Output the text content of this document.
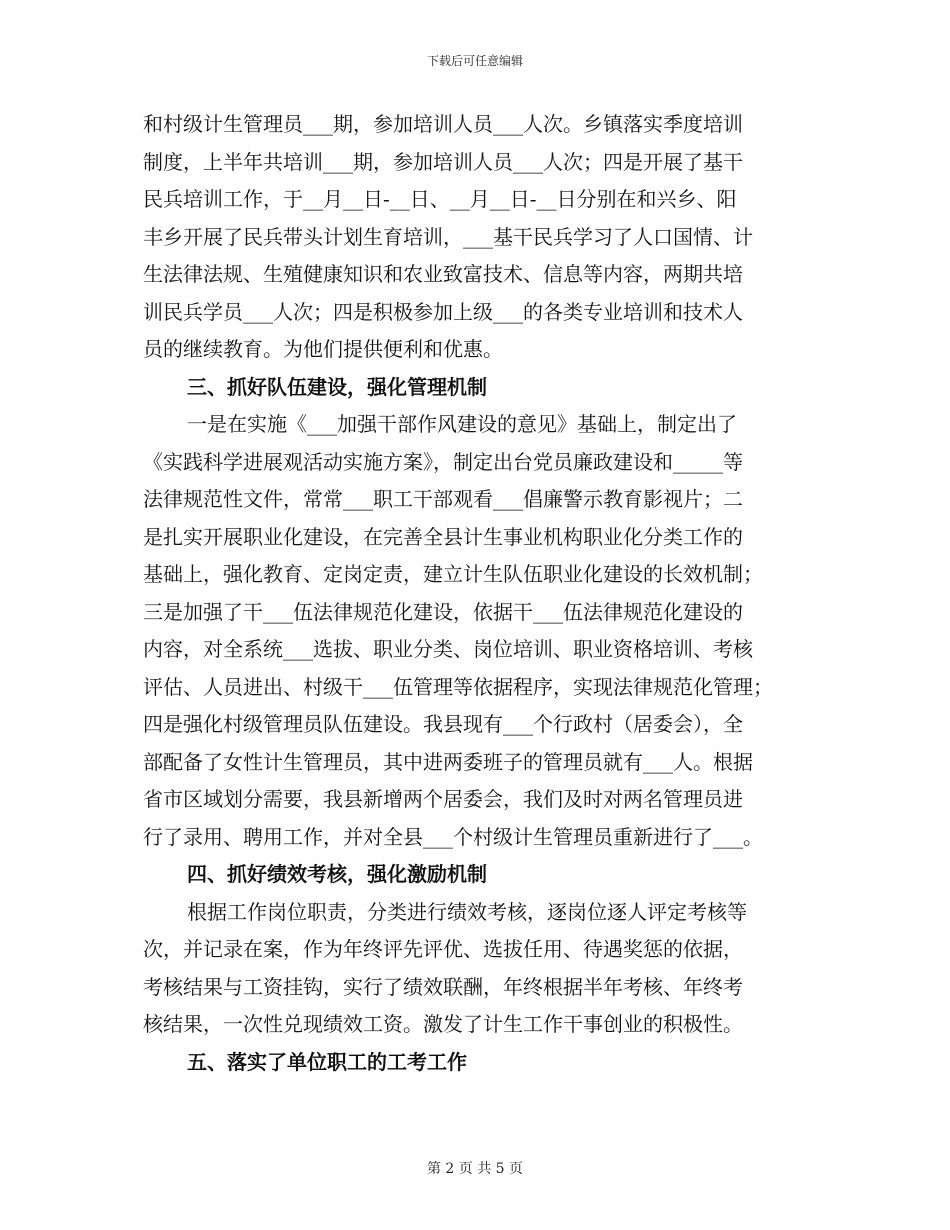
下载后可任意编辑
和村级计生管理员___期，参加培训人员___人次。乡镇落实季度培训
制度，上半年共培训___期，参加培训人员___人次；四是开展了基干
民兵培训工作，于__月__日-__日、__月__日-__日分别在和兴乡、阳
丰乡开展了民兵带头计划生育培训，___基干民兵学习了人口国情、计
生法律法规、生殖健康知识和农业致富技术、信息等内容，两期共培
训民兵学员___人次；四是积极参加上级___的各类专业培训和技术人
员的继续教育。为他们提供便利和优惠。
三、抓好队伍建设，强化管理机制
一是在实施《___加强干部作风建设的意见》基础上，制定出了
《实践科学进展观活动实施方案》，制定出台党员廉政建设和_____等
法律规范性文件，常常___职工干部观看___倡廉警示教育影视片；二
是扎实开展职业化建设，在完善全县计生事业机构职业化分类工作的
基础上，强化教育、定岗定责，建立计生队伍职业化建设的长效机制；
三是加强了干___伍法律规范化建设，依据干___伍法律规范化建设的
内容，对全系统___选拔、职业分类、岗位培训、职业资格培训、考核
评估、人员进出、村级干___伍管理等依据程序，实现法律规范化管理；
四是强化村级管理员队伍建设。我县现有___个行政村（居委会），全
部配备了女性计生管理员，其中进两委班子的管理员就有___人。根据
省市区域划分需要，我县新增两个居委会，我们及时对两名管理员进
行了录用、聘用工作，并对全县___个村级计生管理员重新进行了___。
四、抓好绩效考核，强化激励机制
根据工作岗位职责，分类进行绩效考核，逐岗位逐人评定考核等
次，并记录在案，作为年终评先评优、选拔任用、待遇奖惩的依据，
考核结果与工资挂钩，实行了绩效联酬，年终根据半年考核、年终考
核结果，一次性兑现绩效工资。激发了计生工作干事创业的积极性。
五、落实了单位职工的工考工作
第 2 页 共 5 页
